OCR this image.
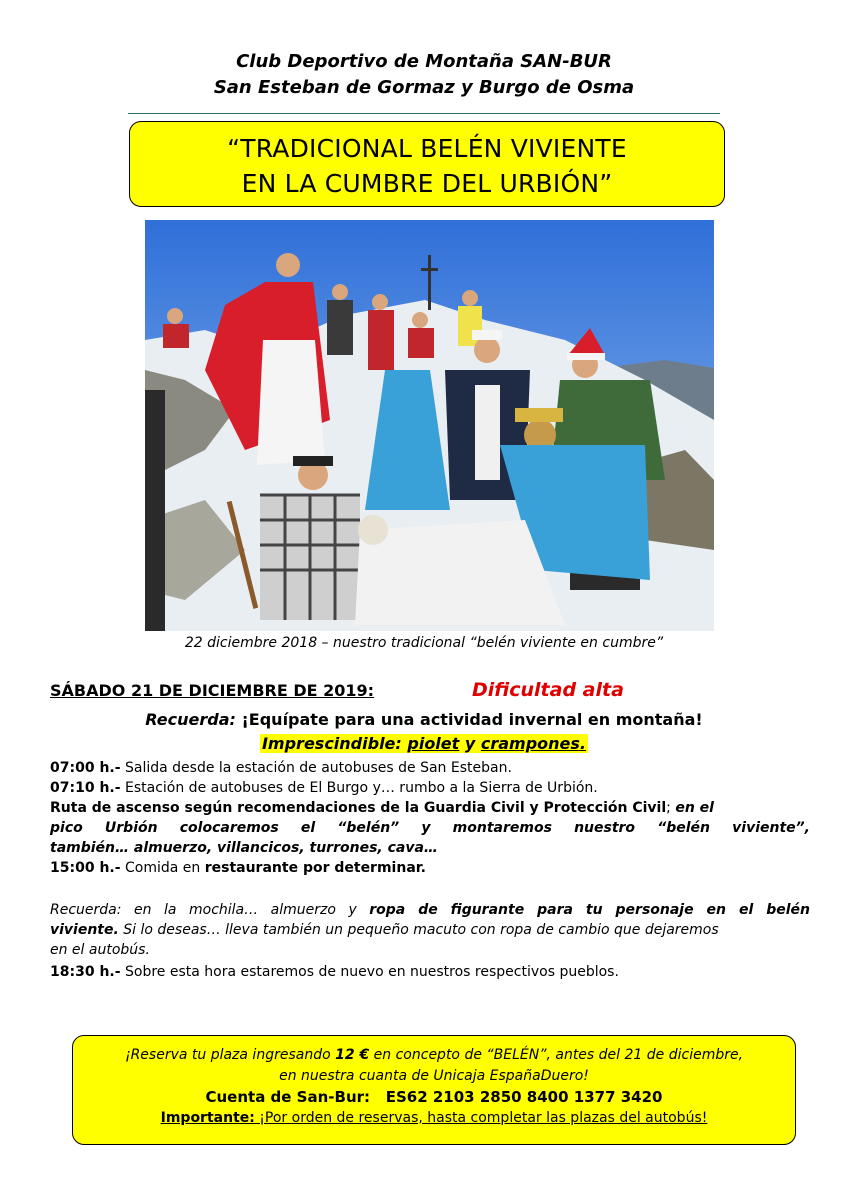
Club Deportivo de Montaña SAN-BUR
San Esteban de Gormaz y Burgo de Osma
“TRADICIONAL BELÉN VIVIENTE
EN LA CUMBRE DEL URBIÓN”
22 diciembre 2018 – nuestro tradicional “belén viviente en cumbre”
SÁBADO 21 DE DICIEMBRE DE 2019:	Dificultad alta
Recuerda: ¡Equípate para una actividad invernal en montaña!
Imprescindible: piolet y crampones.
07:00 h.- Salida desde la estación de autobuses de San Esteban.
07:10 h.- Estación de autobuses de El Burgo y… rumbo a la Sierra de Urbión.
Ruta de ascenso según recomendaciones de la Guardia Civil y Protección Civil; en el
pico Urbión colocaremos el “belén” y montaremos nuestro “belén viviente”,
también… almuerzo, villancicos, turrones, cava…
15:00 h.- Comida en restaurante por determinar.
Recuerda: en la mochila… almuerzo y ropa de figurante para tu personaje en el belén
viviente. Si lo deseas… lleva también un pequeño macuto con ropa de cambio que dejaremos
en el autobús.
18:30 h.- Sobre esta hora estaremos de nuevo en nuestros respectivos pueblos.
¡Reserva tu plaza ingresando 12 € en concepto de “BELÉN”, antes del 21 de diciembre,
en nuestra cuanta de Unicaja EspañaDuero!
Cuenta de San-Bur: ES62 2103 2850 8400 1377 3420
Importante: ¡Por orden de reservas, hasta completar las plazas del autobús!
